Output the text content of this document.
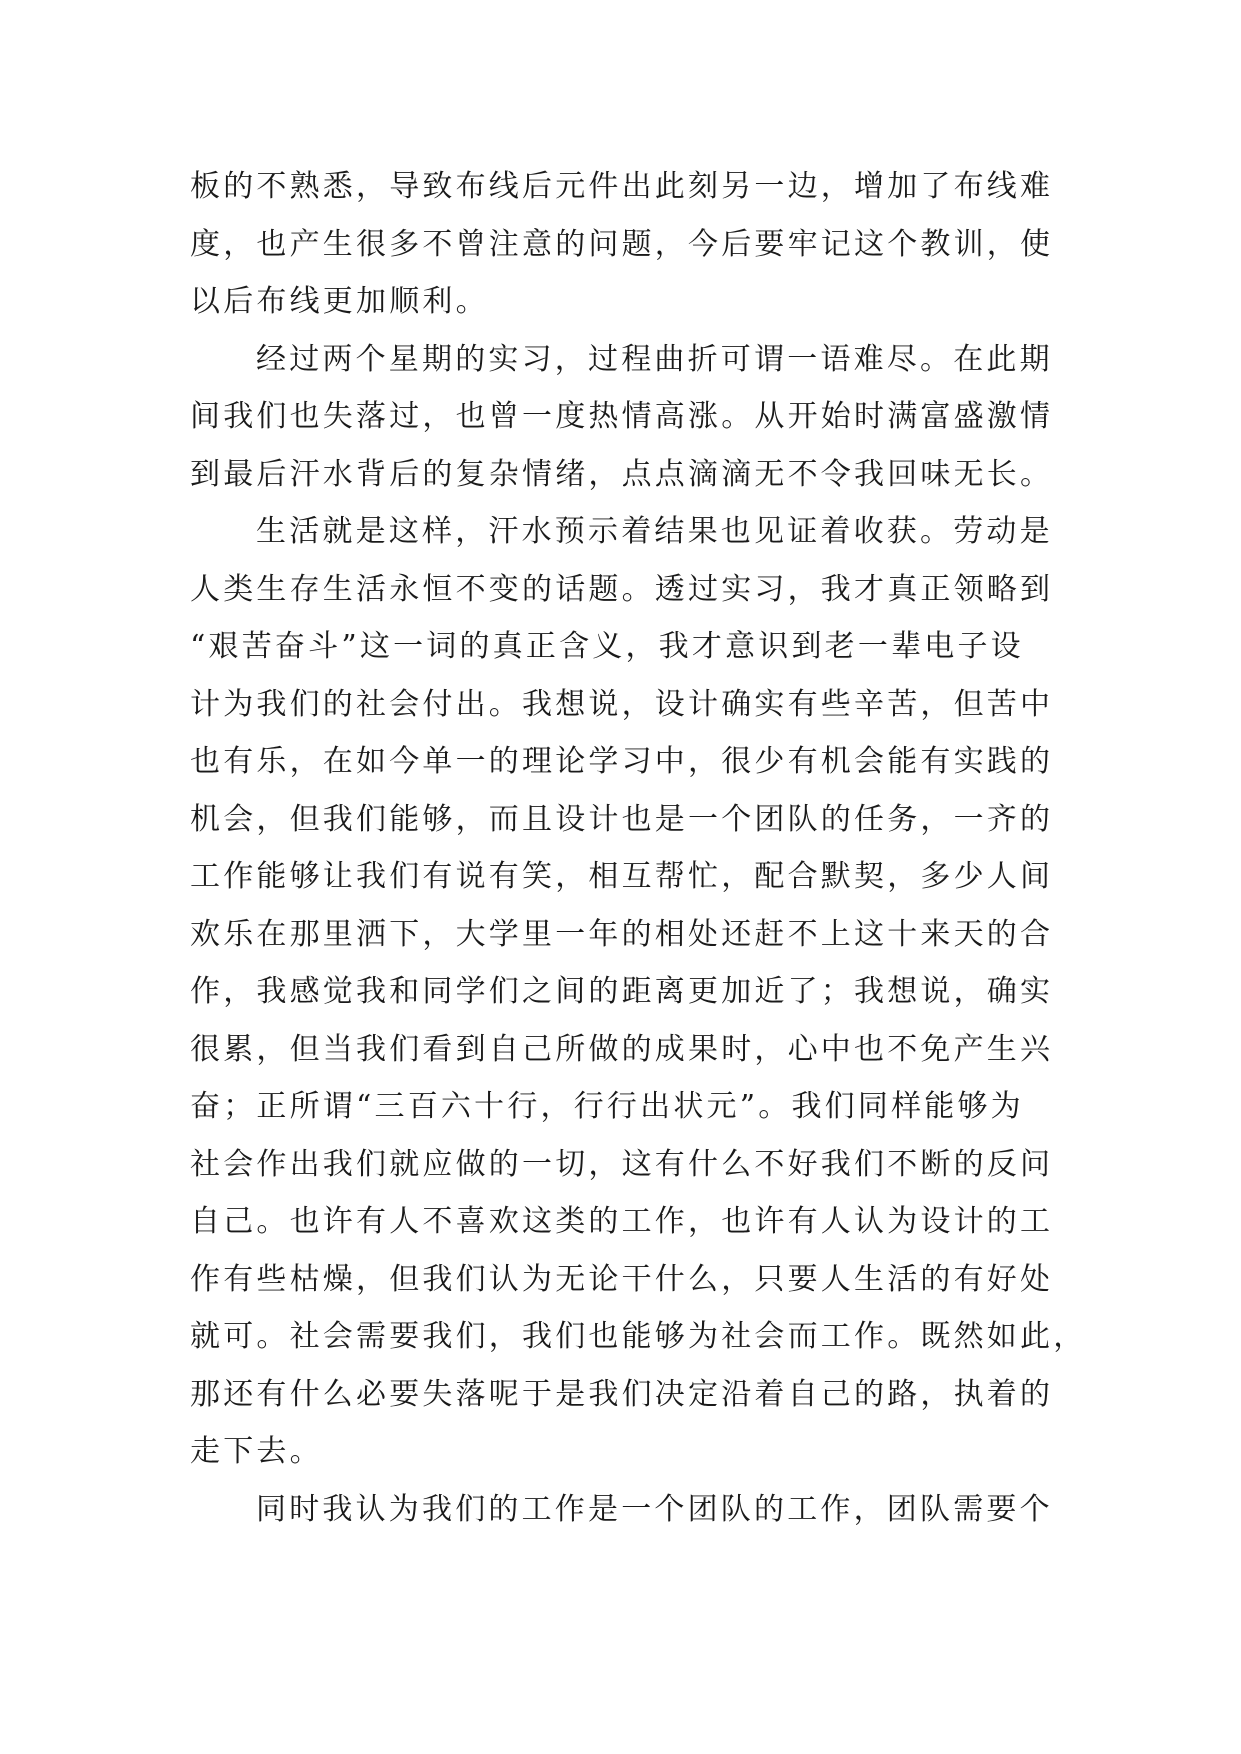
板的不熟悉，导致布线后元件出此刻另一边，增加了布线难
度，也产生很多不曾注意的问题，今后要牢记这个教训，使
以后布线更加顺利。
经过两个星期的实习，过程曲折可谓一语难尽。在此期
间我们也失落过，也曾一度热情高涨。从开始时满富盛激情
到最后汗水背后的复杂情绪，点点滴滴无不令我回味无长。
生活就是这样，汗水预示着结果也见证着收获。劳动是
人类生存生活永恒不变的话题。透过实习，我才真正领略到
“艰苦奋斗”这一词的真正含义，我才意识到老一辈电子设
计为我们的社会付出。我想说，设计确实有些辛苦，但苦中
也有乐，在如今单一的理论学习中，很少有机会能有实践的
机会，但我们能够，而且设计也是一个团队的任务，一齐的
工作能够让我们有说有笑，相互帮忙，配合默契，多少人间
欢乐在那里洒下，大学里一年的相处还赶不上这十来天的合
作，我感觉我和同学们之间的距离更加近了；我想说，确实
很累，但当我们看到自己所做的成果时，心中也不免产生兴
奋；正所谓“三百六十行，行行出状元”。我们同样能够为
社会作出我们就应做的一切，这有什么不好我们不断的反问
自己。也许有人不喜欢这类的工作，也许有人认为设计的工
作有些枯燥，但我们认为无论干什么，只要人生活的有好处
就可。社会需要我们，我们也能够为社会而工作。既然如此，
那还有什么必要失落呢于是我们决定沿着自己的路，执着的
走下去。
同时我认为我们的工作是一个团队的工作，团队需要个
